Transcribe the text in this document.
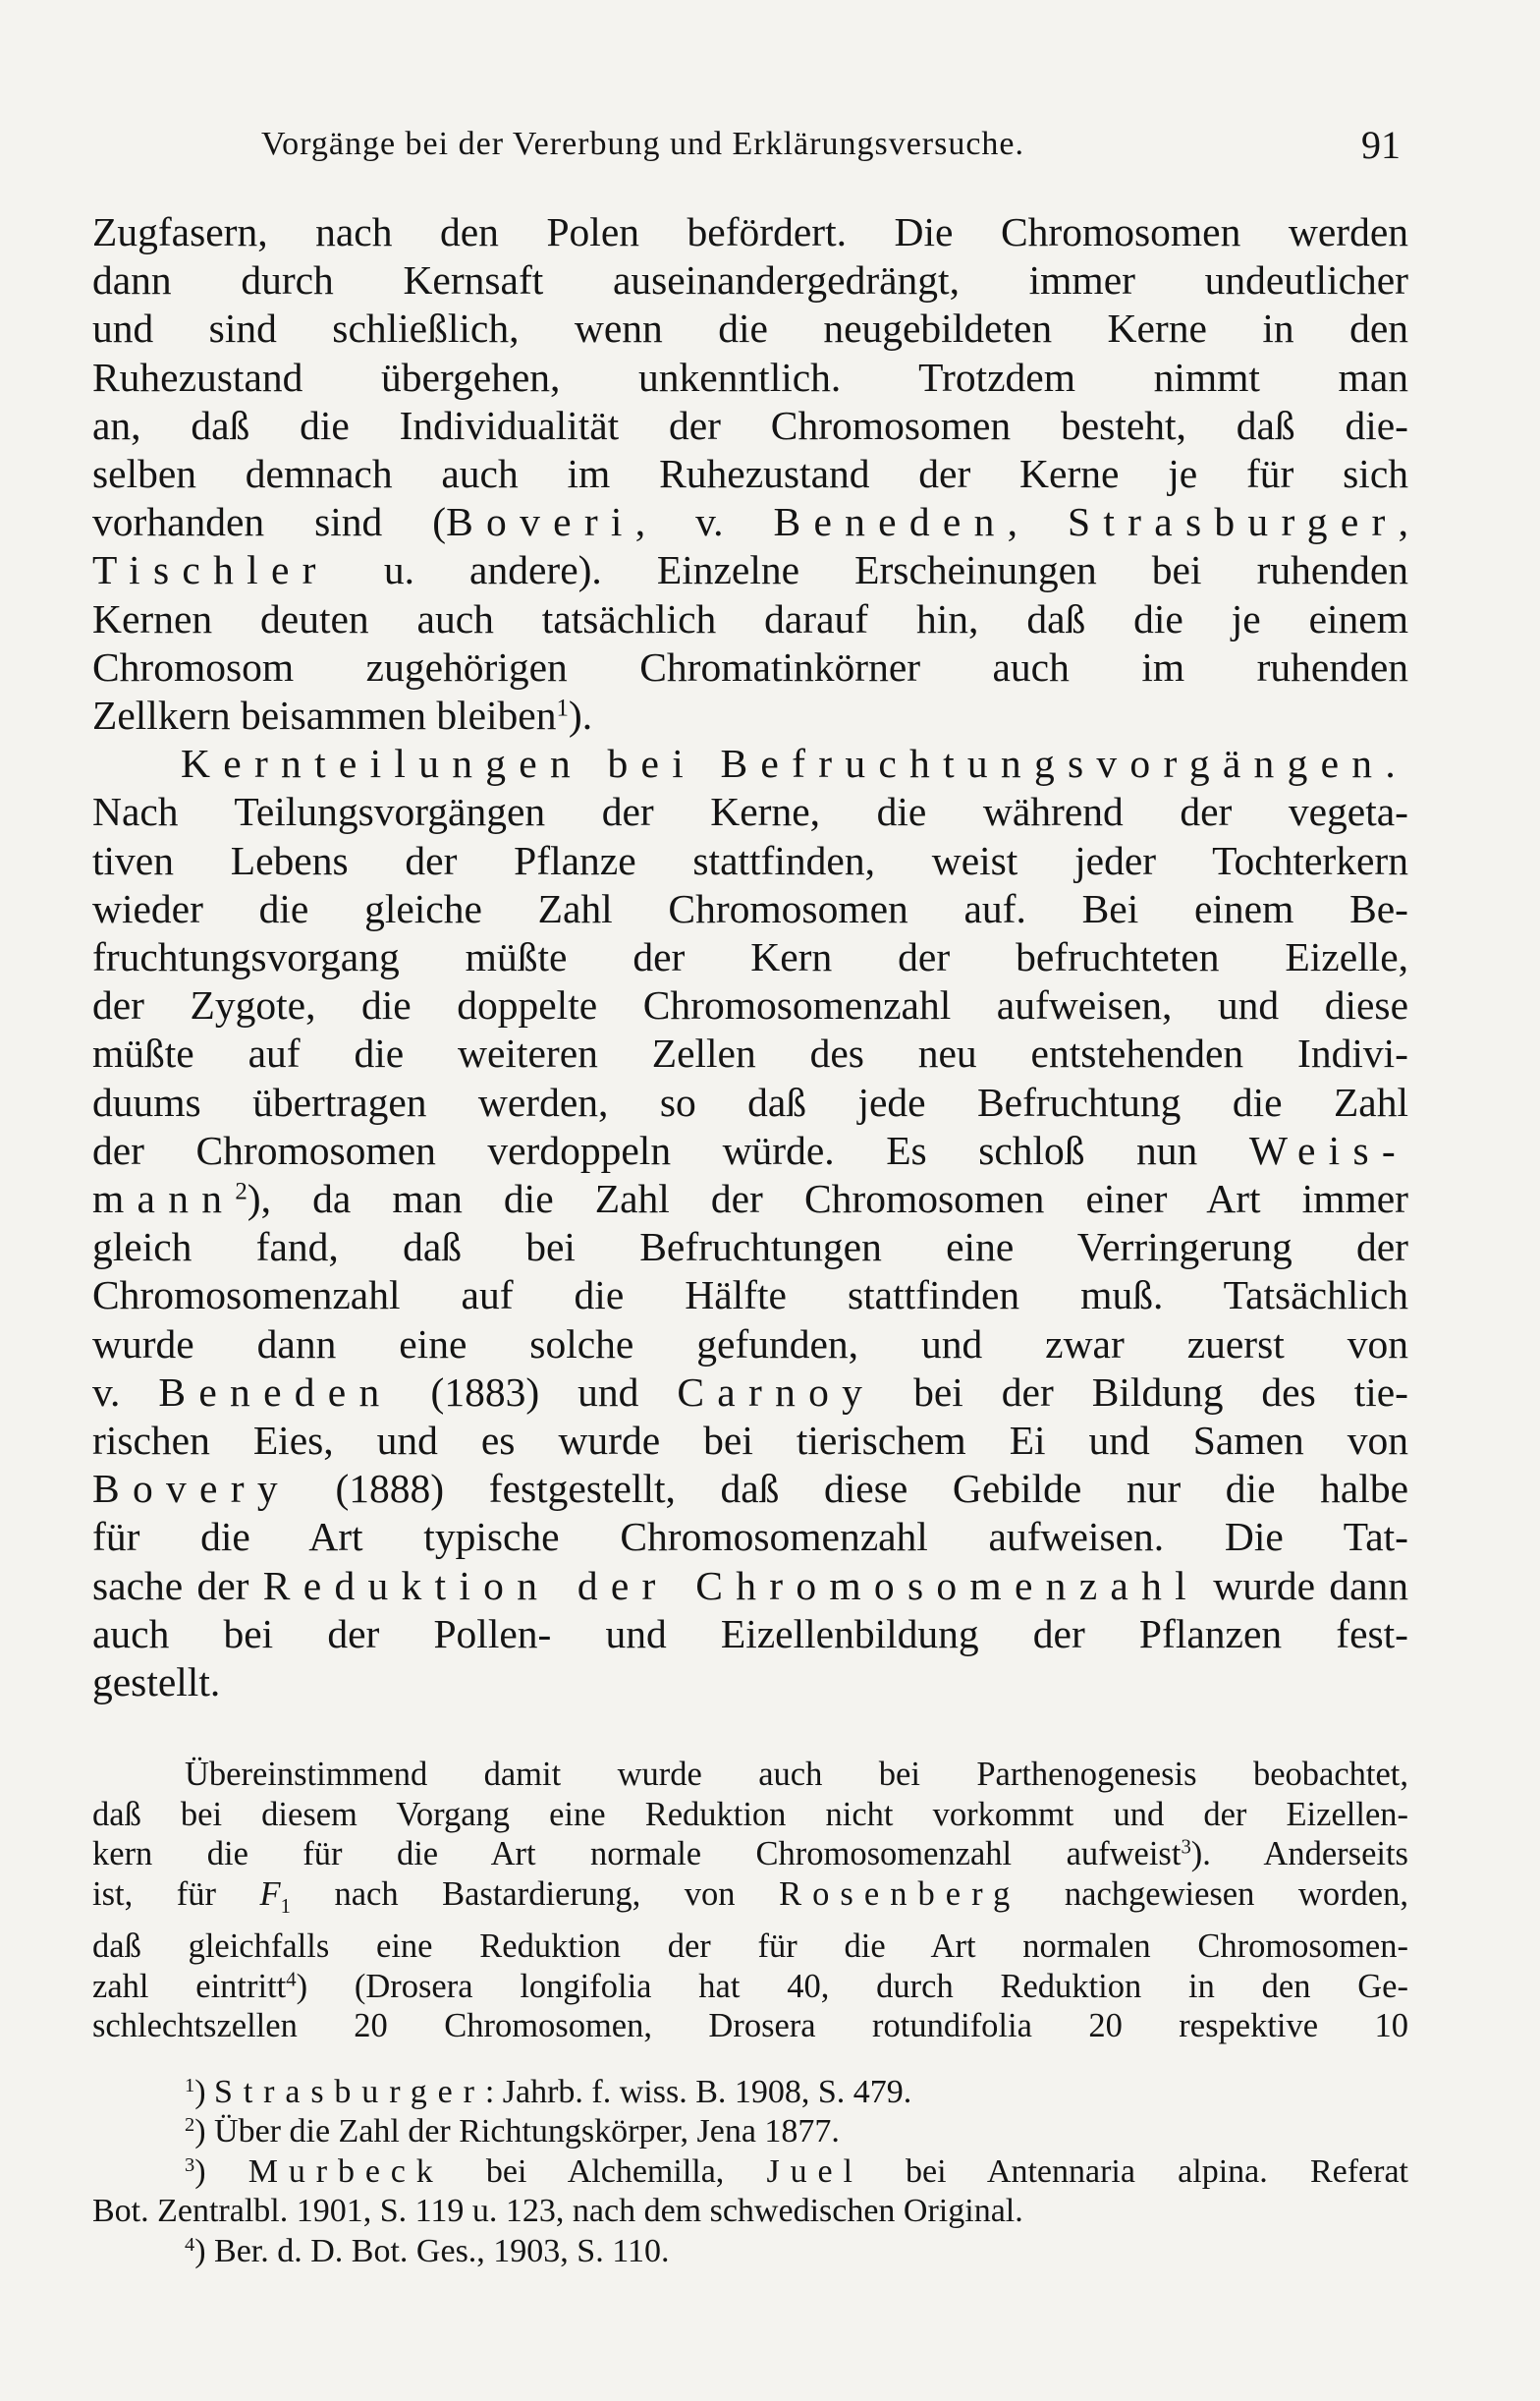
Vorgänge bei der Vererbung und Erklärungsversuche.	91
Zugfasern, nach den Polen befördert. Die Chromosomen werden
dann durch Kernsaft auseinandergedrängt, immer undeutlicher
und sind schließlich, wenn die neugebildeten Kerne in den
Ruhezustand übergehen, unkenntlich. Trotzdem nimmt man
an, daß die Individualität der Chromosomen besteht, daß die-
selben demnach auch im Ruhezustand der Kerne je für sich
vorhanden sind (Boveri, v. Beneden, Strasburger,
Tischler u. andere). Einzelne Erscheinungen bei ruhenden
Kernen deuten auch tatsächlich darauf hin, daß die je einem
Chromosom zugehörigen Chromatinkörner auch im ruhenden
Zellkern beisammen bleiben$^1$).
Kernteilungen bei Befruchtungsvorgängen.
Nach Teilungsvorgängen der Kerne, die während der vegeta-
tiven Lebens der Pflanze stattfinden, weist jeder Tochterkern
wieder die gleiche Zahl Chromosomen auf. Bei einem Be-
fruchtungsvorgang müßte der Kern der befruchteten Eizelle,
der Zygote, die doppelte Chromosomenzahl aufweisen, und diese
müßte auf die weiteren Zellen des neu entstehenden Indivi-
duums übertragen werden, so daß jede Befruchtung die Zahl
der Chromosomen verdoppeln würde. Es schloß nun Weis-
mann$^2$), da man die Zahl der Chromosomen einer Art immer
gleich fand, daß bei Befruchtungen eine Verringerung der
Chromosomenzahl auf die Hälfte stattfinden muß. Tatsächlich
wurde dann eine solche gefunden, und zwar zuerst von
v. Beneden (1883) und Carnoy bei der Bildung des tie-
rischen Eies, und es wurde bei tierischem Ei und Samen von
Bovery (1888) festgestellt, daß diese Gebilde nur die halbe
für die Art typische Chromosomenzahl aufweisen. Die Tat-
sache der Reduktion der Chromosomenzahl wurde dann
auch bei der Pollen- und Eizellenbildung der Pflanzen fest-
gestellt.
Übereinstimmend damit wurde auch bei Parthenogenesis beobachtet,
daß bei diesem Vorgang eine Reduktion nicht vorkommt und der Eizellen-
kern die für die Art normale Chromosomenzahl aufweist$^3$). Anderseits
ist, für $F_1$ nach Bastardierung, von Rosenberg nachgewiesen worden,
daß gleichfalls eine Reduktion der für die Art normalen Chromosomen-
zahl eintritt$^4$) (Drosera longifolia hat 40, durch Reduktion in den Ge-
schlechtszellen 20 Chromosomen, Drosera rotundifolia 20 respektive 10
$^1$) Strasburger: Jahrb. f. wiss. B. 1908, S. 479.
$^2$) Über die Zahl der Richtungskörper, Jena 1877.
$^3$) Murbeck bei Alchemilla, Juel bei Antennaria alpina. Referat
Bot. Zentralbl. 1901, S. 119 u. 123, nach dem schwedischen Original.
$^4$) Ber. d. D. Bot. Ges., 1903, S. 110.
